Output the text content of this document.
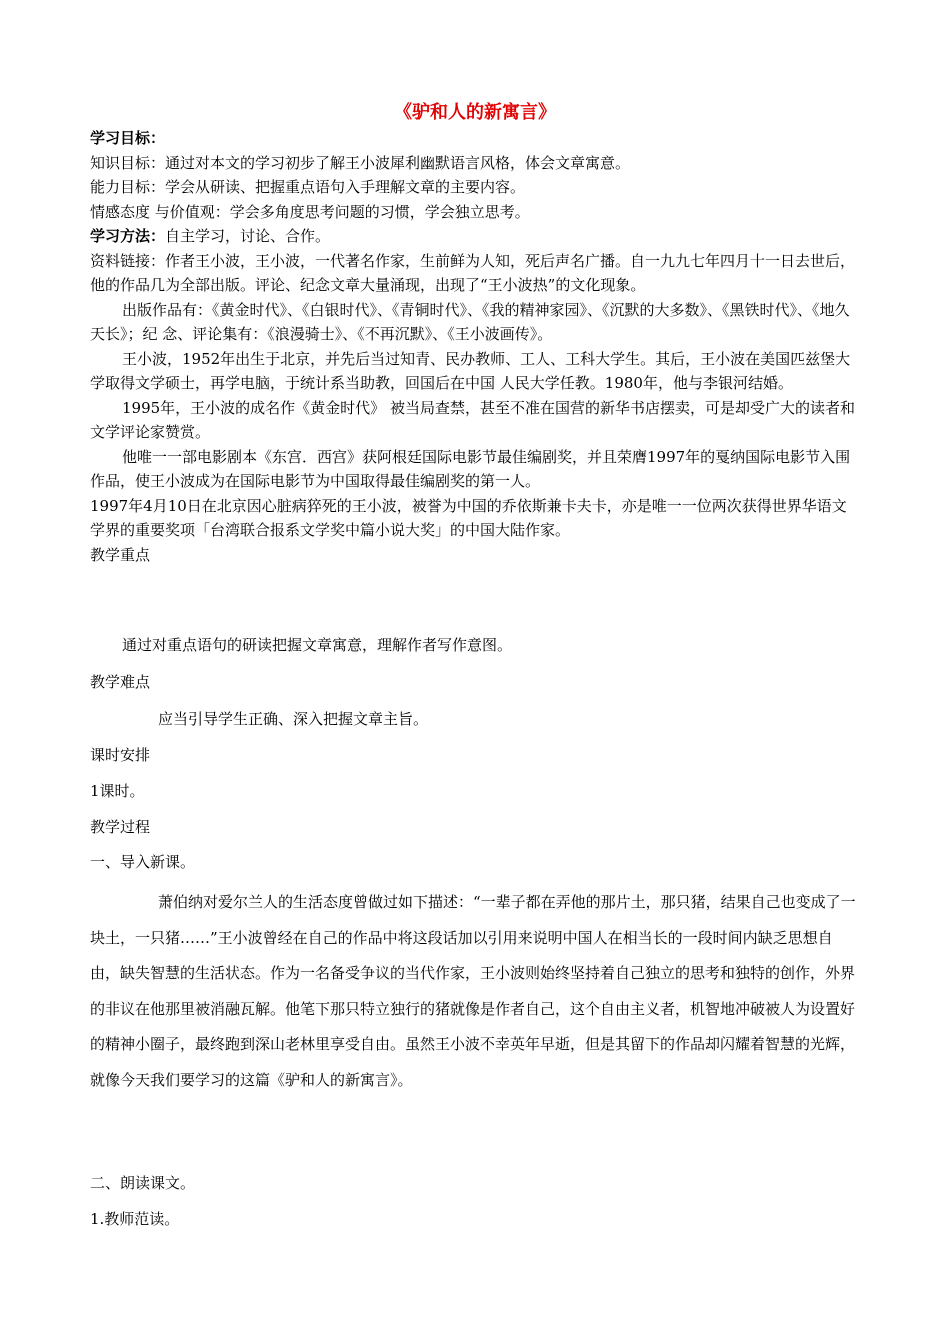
《驴和人的新寓言》
学习目标：
知识目标：通过对本文的学习初步了解王小波犀利幽默语言风格，体会文章寓意。
能力目标：学会从研读、把握重点语句入手理解文章的主要内容。
情感态度 与价值观：学会多角度思考问题的习惯，学会独立思考。
学习方法：自主学习，讨论、合作。
资料链接：作者王小波，王小波，一代著名作家，生前鲜为人知，死后声名广播。自一九九七年四月十一日去世后，他的作品几为全部出版。评论、纪念文章大量涌现，出现了“王小波热”的文化现象。
出版作品有：《黄金时代》、《白银时代》、《青铜时代》、《我的精神家园》、《沉默的大多数》、《黑铁时代》、《地久天长》；纪 念、评论集有：《浪漫骑士》、《不再沉默》、《王小波画传》。
王小波，1952年出生于北京，并先后当过知青、民办教师、工人、工科大学生。其后，王小波在美国匹兹堡大学取得文学硕士，再学电脑，于统计系当助教，回国后在中国 人民大学任教。1980年，他与李银河结婚。
1995年，王小波的成名作《黄金时代》 被当局查禁，甚至不准在国营的新华书店摆卖，可是却受广大的读者和文学评论家赞赏。
他唯一一部电影剧本《东宫．西宫》获阿根廷国际电影节最佳编剧奖，并且荣膺1997年的戛纳国际电影节入围作品，使王小波成为在国际电影节为中国取得最佳编剧奖的第一人。
1997年4月10日在北京因心脏病猝死的王小波，被誉为中国的乔依斯兼卡夫卡，亦是唯一一位两次获得世界华语文学界的重要奖项「台湾联合报系文学奖中篇小说大奖」的中国大陆作家。
教学重点
通过对重点语句的研读把握文章寓意，理解作者写作意图。
教学难点
应当引导学生正确、深入把握文章主旨。
课时安排
1课时。
教学过程
一、导入新课。
萧伯纳对爱尔兰人的生活态度曾做过如下描述：“一辈子都在弄他的那片土，那只猪，结果自己也变成了一块土，一只猪……”王小波曾经在自己的作品中将这段话加以引用来说明中国人在相当长的一段时间内缺乏思想自由，缺失智慧的生活状态。作为一名备受争议的当代作家，王小波则始终坚持着自己独立的思考和独特的创作，外界的非议在他那里被消融瓦解。他笔下那只特立独行的猪就像是作者自己，这个自由主义者，机智地冲破被人为设置好的精神小圈子，最终跑到深山老林里享受自由。虽然王小波不幸英年早逝，但是其留下的作品却闪耀着智慧的光辉，就像今天我们要学习的这篇《驴和人的新寓言》。
二、朗读课文。
1.教师范读。
